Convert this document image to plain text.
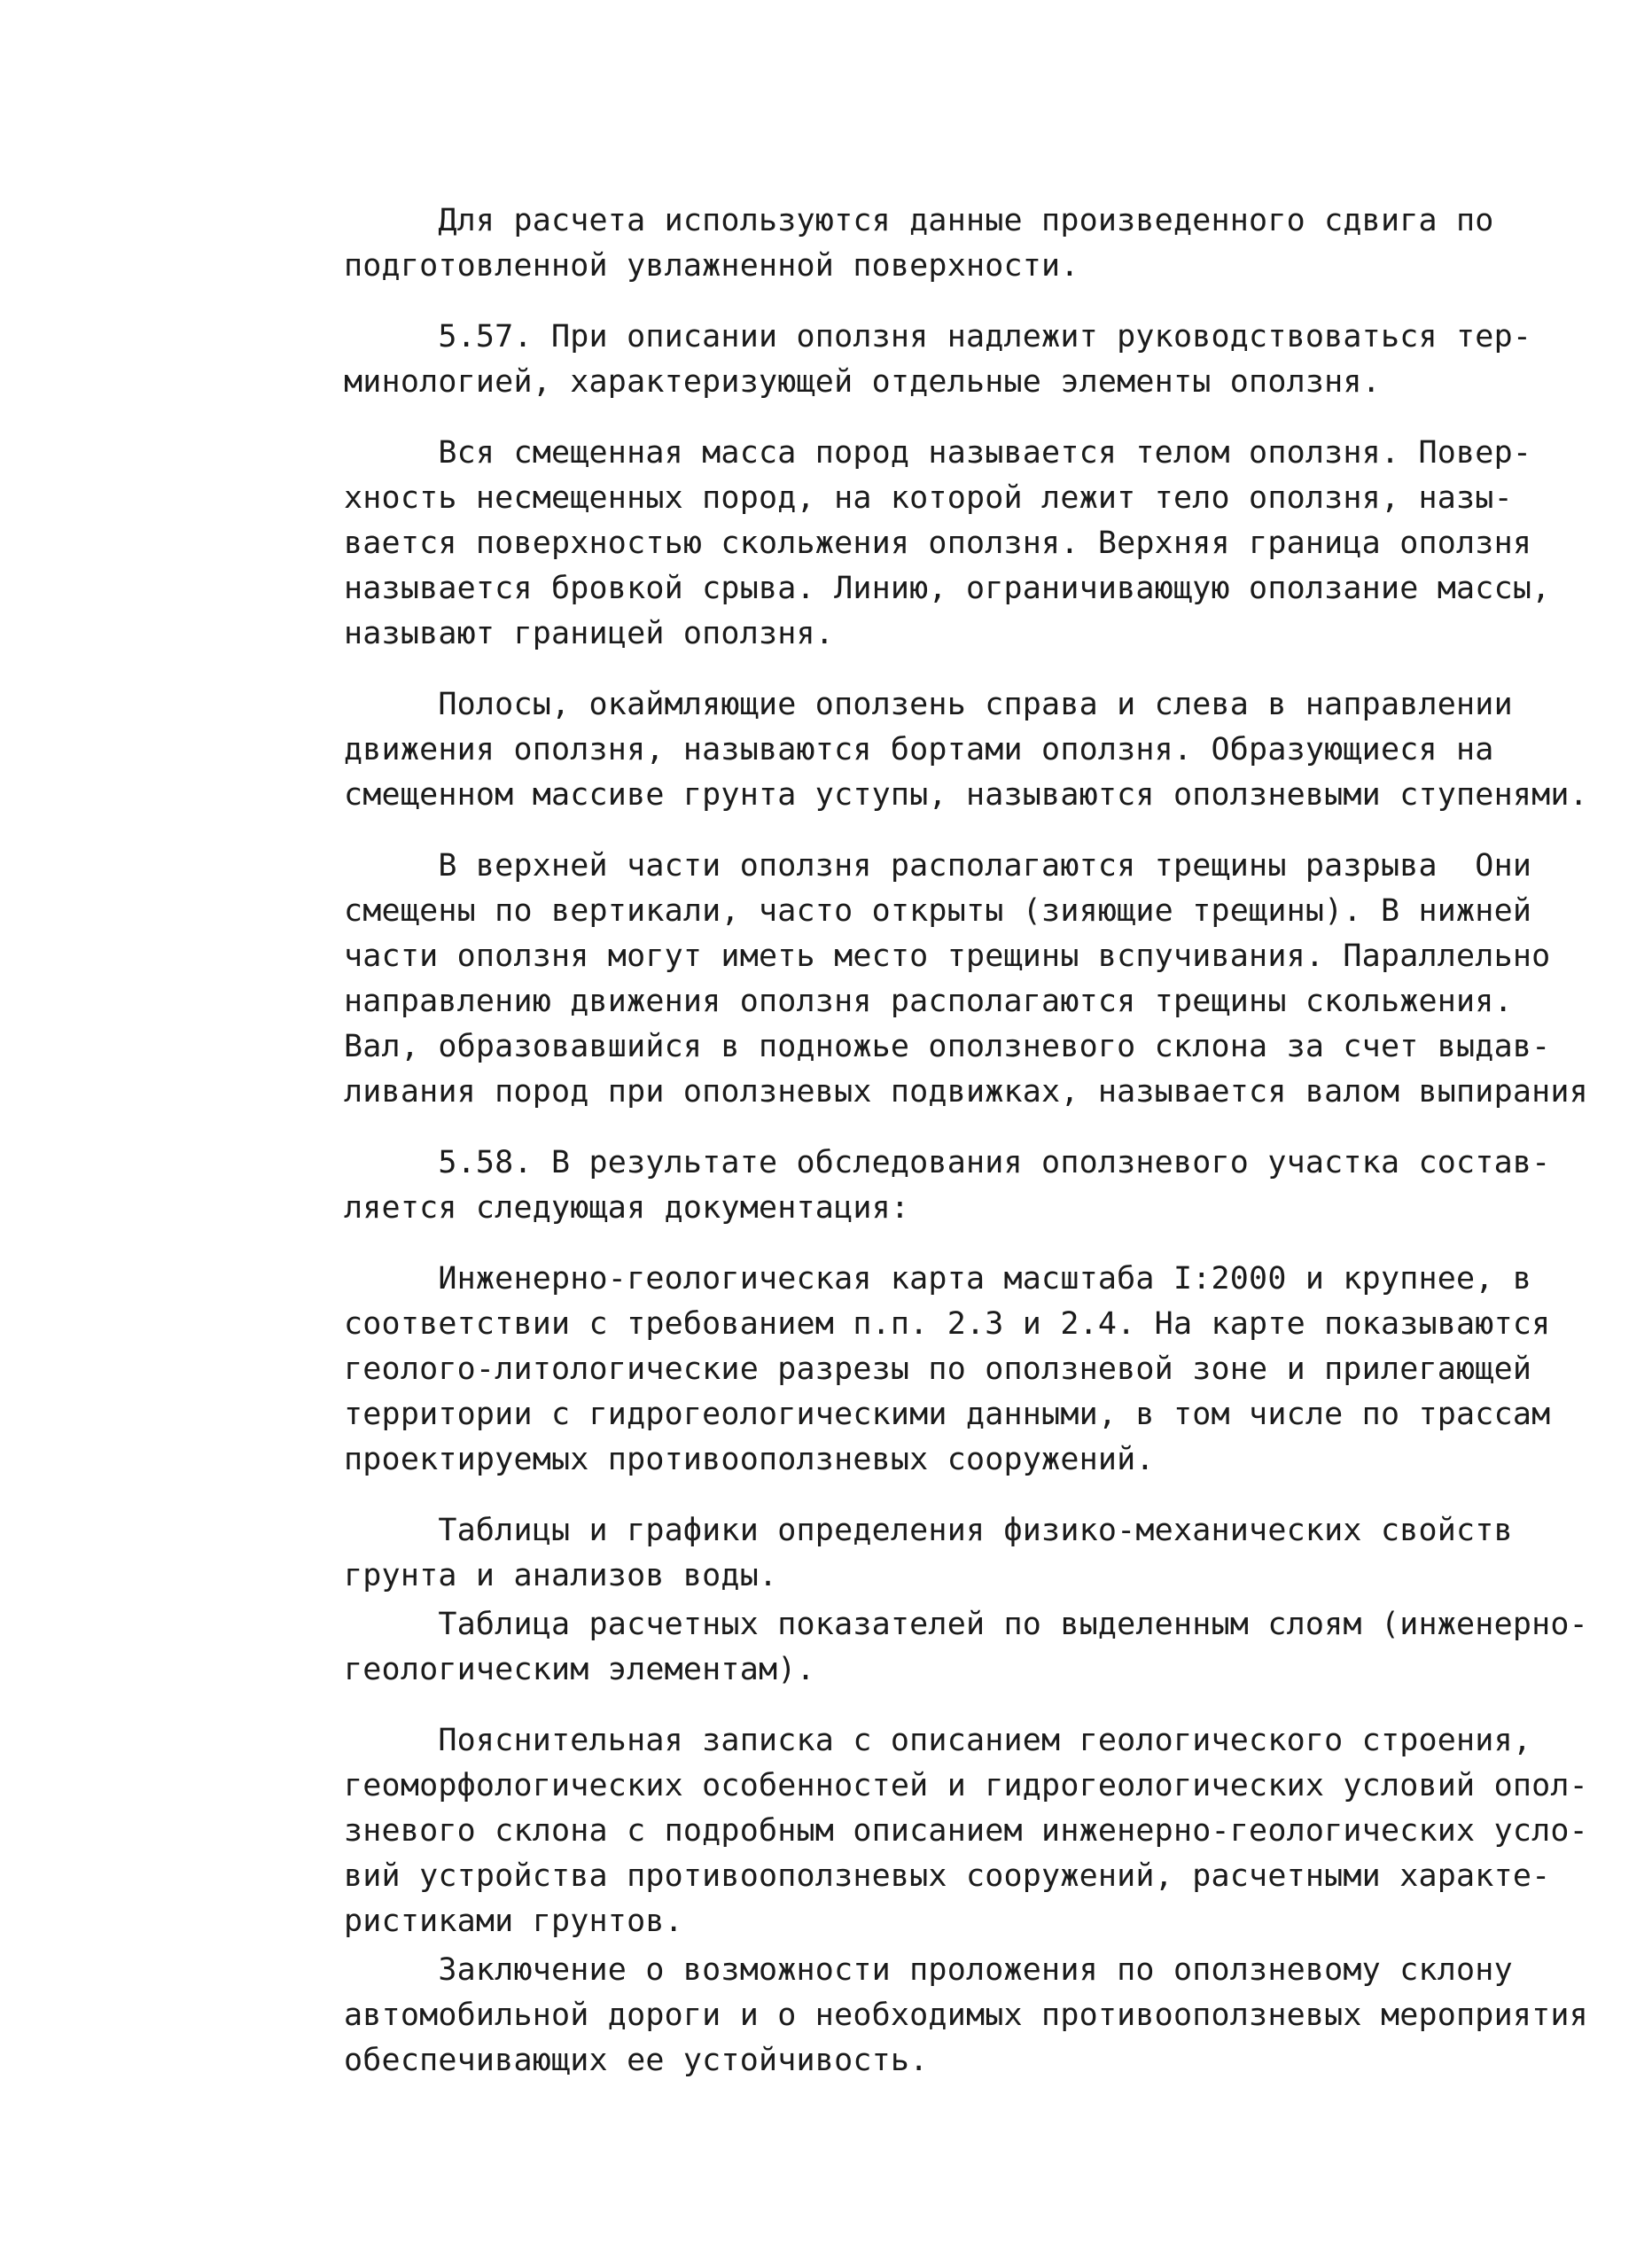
Для расчета используются данные произведенного сдвига по
подготовленной увлажненной поверхности.
5.57. При описании оползня надлежит руководствоваться тер-
минологией, характеризующей отдельные элементы оползня.
Вся смещенная масса пород называется телом оползня. Повер-
хность несмещенных пород, на которой лежит тело оползня, назы-
вается поверхностью скольжения оползня. Верхняя граница оползня
называется бровкой срыва. Линию, ограничивающую оползание массы,
называют границей оползня.
Полосы, окаймляющие оползень справа и слева в направлении
движения оползня, называются бортами оползня. Образующиеся на
смещенном массиве грунта уступы, называются оползневыми ступенями.
В верхней части оползня располагаются трещины разрыва  Они
смещены по вертикали, часто открыты (зияющие трещины). В нижней
части оползня могут иметь место трещины вспучивания. Параллельно
направлению движения оползня располагаются трещины скольжения.
Вал, образовавшийся в подножье оползневого склона за счет выдав-
ливания пород при оползневых подвижках, называется валом выпирания
5.58. В результате обследования оползневого участка состав-
ляется следующая документация:
Инженерно-геологическая карта масштаба I:2000 и крупнее, в
соответствии с требованием п.п. 2.3 и 2.4. На карте показываются
геолого-литологические разрезы по оползневой зоне и прилегающей
территории с гидрогеологическими данными, в том числе по трассам
проектируемых противооползневых сооружений.
Таблицы и графики определения физико-механических свойств
грунта и анализов воды.
Таблица расчетных показателей по выделенным слоям (инженерно-
геологическим элементам).
Пояснительная записка с описанием геологического строения,
геоморфологических особенностей и гидрогеологических условий опол-
зневого склона с подробным описанием инженерно-геологических усло-
вий устройства противооползневых сооружений, расчетными характе-
ристиками грунтов.
Заключение о возможности проложения по оползневому склону
автомобильной дороги и о необходимых противооползневых мероприятия
обеспечивающих ее устойчивость.
